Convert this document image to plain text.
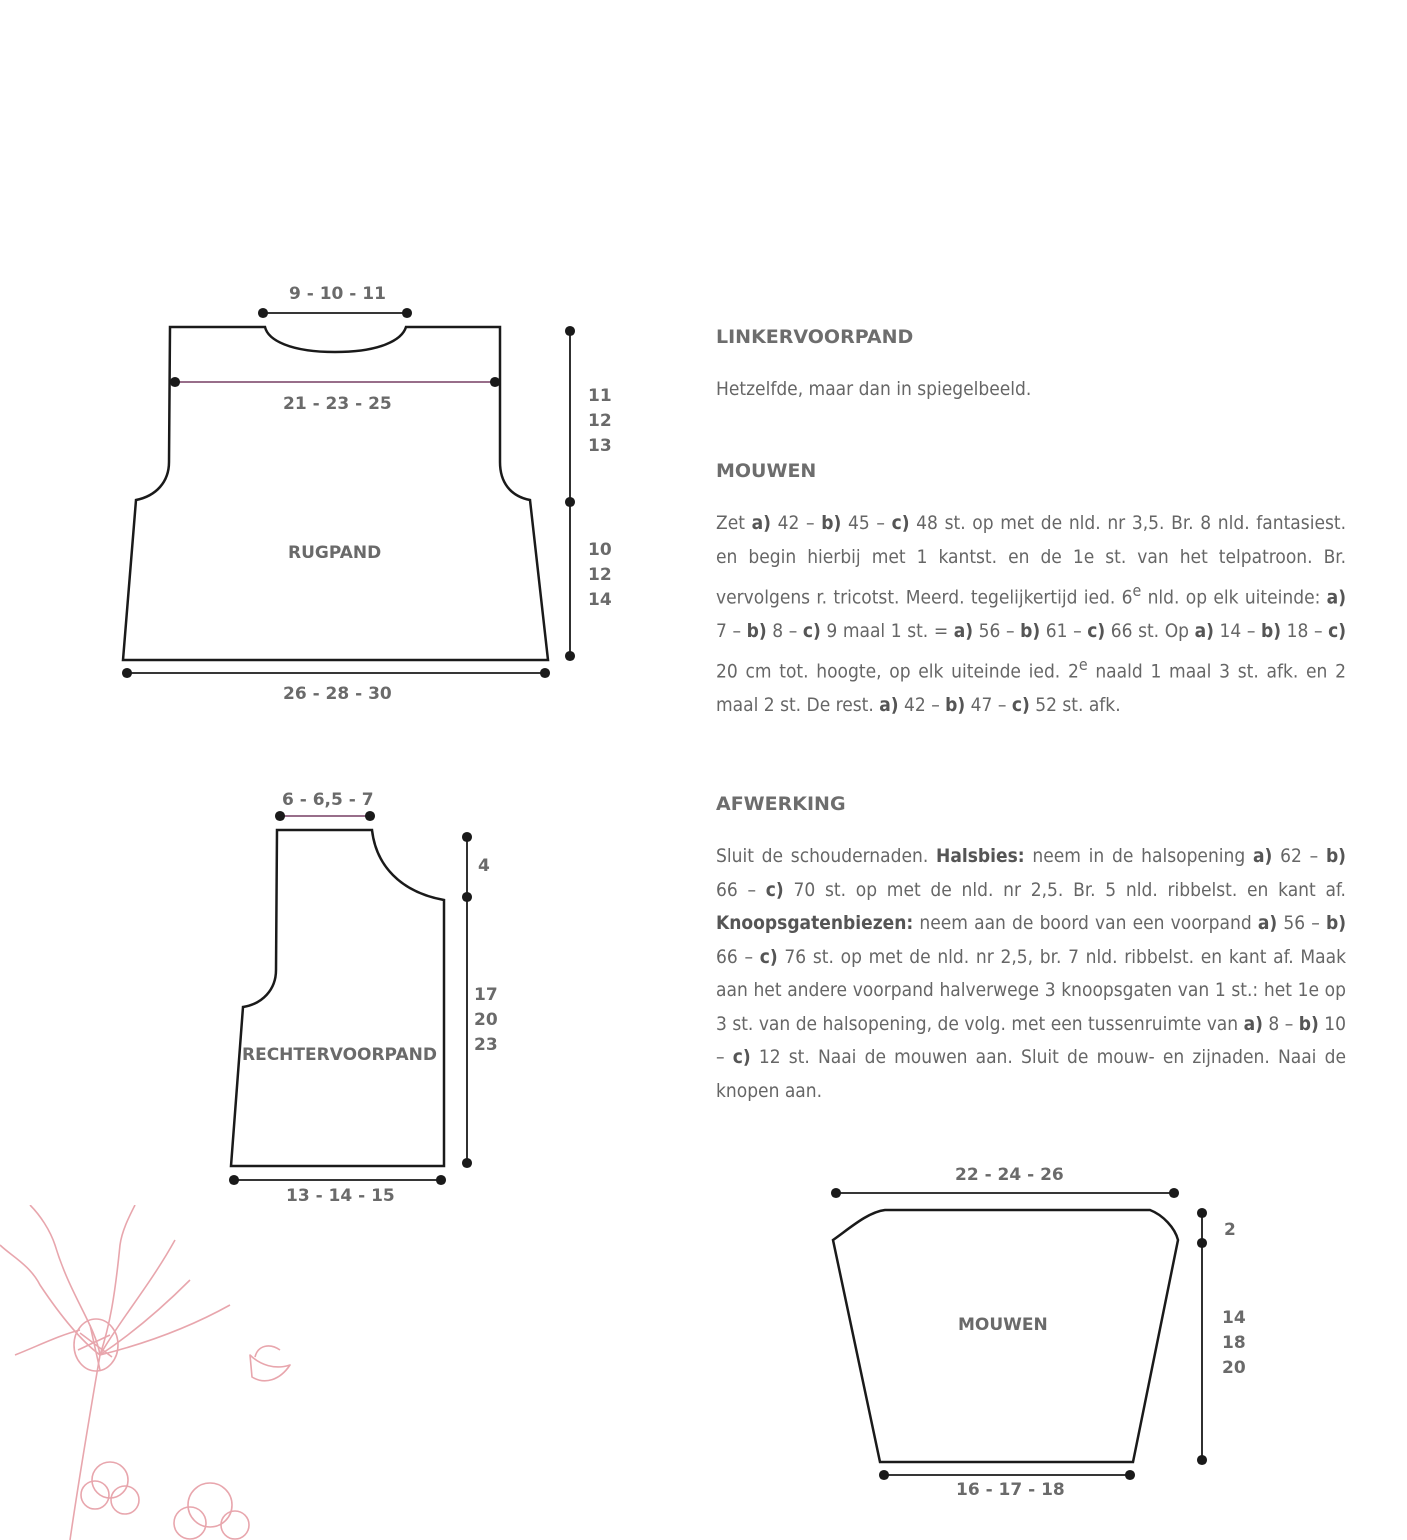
9 - 10 - 11
21 - 23 - 25
RUGPAND
26 - 28 - 30
11
12
13
10
12
14
6 - 6,5 - 7
RECHTERVOORPAND
13 - 14 - 15
4
17
20
23
22 - 24 - 26
MOUWEN
16 - 17 - 18
2
14
18
20
LINKERVOORPAND
Hetzelfde, maar dan in spiegelbeeld.
MOUWEN
Zet a) 42 – b) 45 – c) 48 st. op met de nld. nr 3,5. Br. 8 nld. fantasiest. en begin hierbij met 1 kantst. en de 1e st. van het telpatroon. Br. vervolgens r. tricotst. Meerd. tegelijkertijd ied. 6e nld. op elk uiteinde: a) 7 – b) 8 – c) 9 maal 1 st. = a) 56 – b) 61 – c) 66 st. Op a) 14 – b) 18 – c) 20 cm tot. hoogte, op elk uiteinde ied. 2e naald 1 maal 3 st. afk. en 2 maal 2 st. De rest. a) 42 – b) 47 – c) 52 st. afk.
AFWERKING
Sluit de schoudernaden. Halsbies: neem in de halsopening a) 62 – b) 66 – c) 70 st. op met de nld. nr 2,5. Br. 5 nld. ribbelst. en kant af. Knoopsgatenbiezen: neem aan de boord van een voorpand a) 56 – b) 66 – c) 76 st. op met de nld. nr 2,5, br. 7 nld. ribbelst. en kant af. Maak aan het andere voorpand halverwege 3 knoopsgaten van 1 st.: het 1e op 3 st. van de halsopening, de volg. met een tussenruimte van a) 8 – b) 10 – c) 12 st. Naai de mouwen aan. Sluit de mouw- en zijnaden. Naai de knopen aan.
